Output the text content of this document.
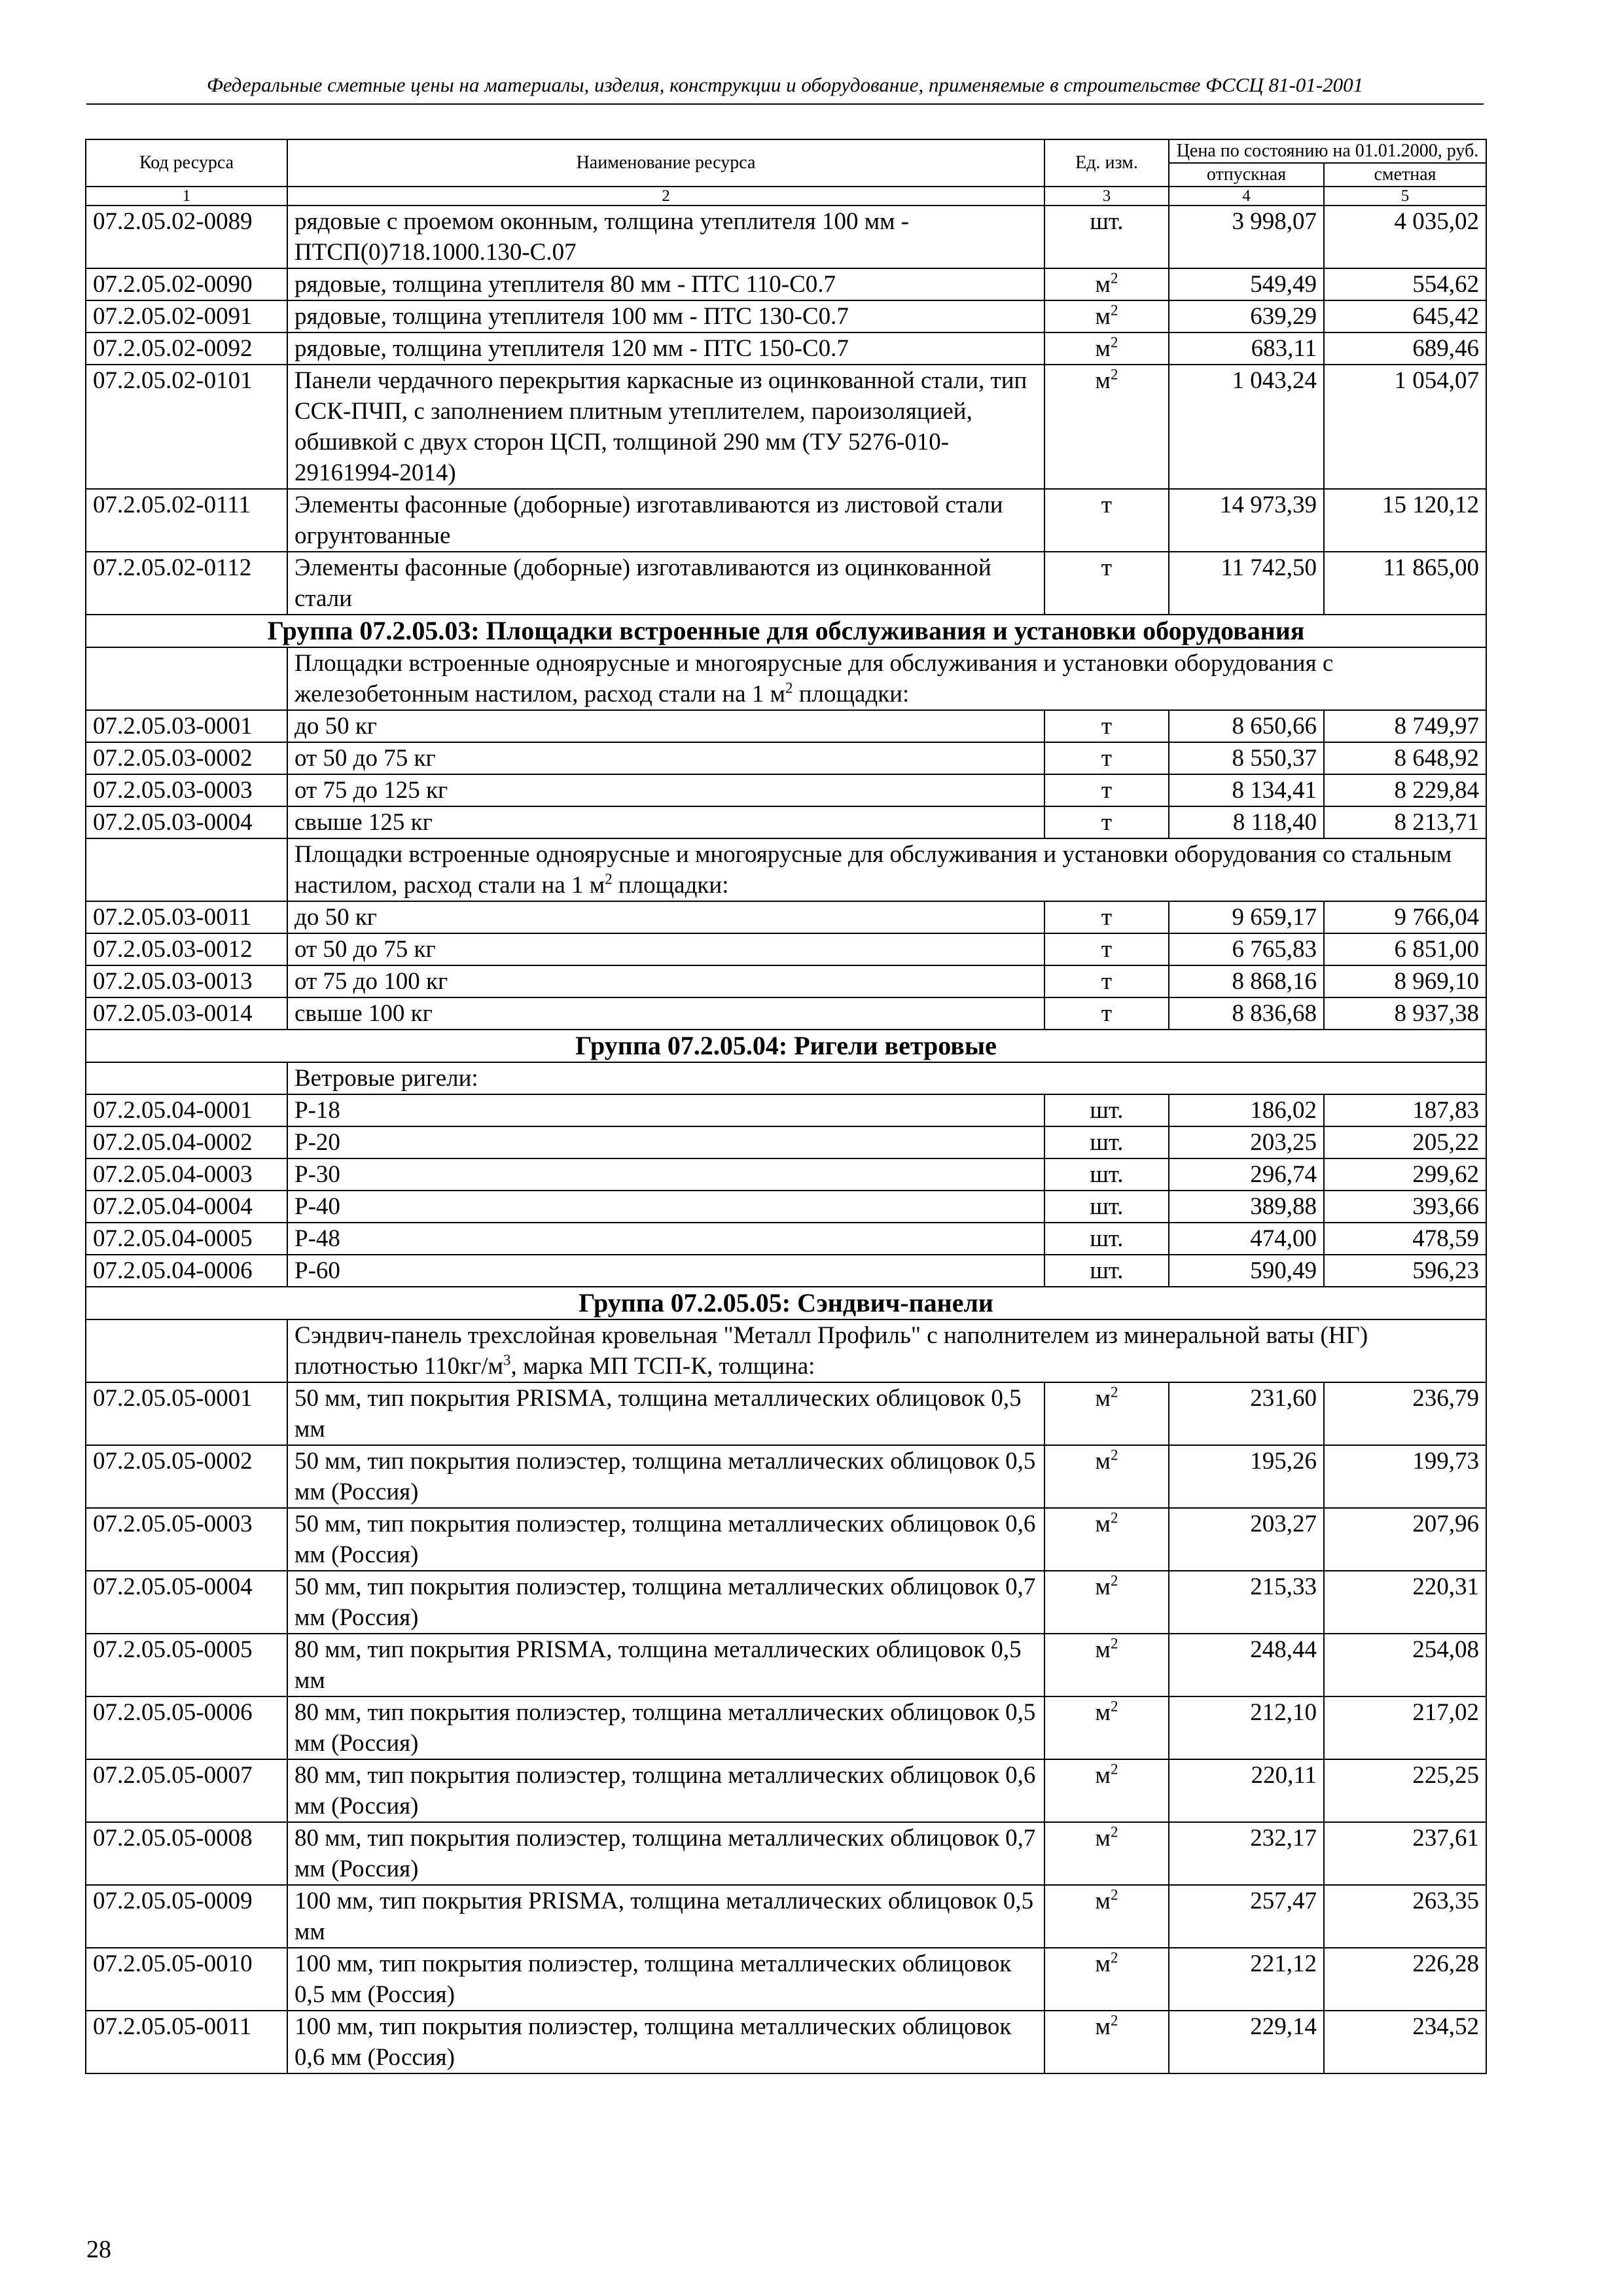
Федеральные сметные цены на материалы, изделия, конструкции и оборудование, применяемые в строительстве ФССЦ 81-01-2001
Код ресурса	Наименование ресурса	Ед. изм.	Цена по состоянию на 01.01.2000, руб.	
			отпускная	сметная
1	2	3	4	5
07.2.05.02-0089	рядовые с проемом оконным, толщина утеплителя 100 мм - ПТСП(0)718.1000.130-С.07	шт.	3 998,07	4 035,02
07.2.05.02-0090	рядовые, толщина утеплителя 80 мм - ПТС 110-С0.7	$м^2$	549,49	554,62
07.2.05.02-0091	рядовые, толщина утеплителя 100 мм - ПТС 130-С0.7	$м^2$	639,29	645,42
07.2.05.02-0092	рядовые, толщина утеплителя 120 мм - ПТС 150-С0.7	$м^2$	683,11	689,46
07.2.05.02-0101	Панели чердачного перекрытия каркасные из оцинкованной стали, тип ССК-ПЧП, с заполнением плитным утеплителем, пароизоляцией, обшивкой с двух сторон ЦСП, толщиной 290 мм (ТУ 5276-010-29161994-2014)	$м^2$	1 043,24	1 054,07
07.2.05.02-0111	Элементы фасонные (доборные) изготавливаются из листовой стали огрунтованные	т	14 973,39	15 120,12
07.2.05.02-0112	Элементы фасонные (доборные) изготавливаются из оцинкованной стали	т	11 742,50	11 865,00
Группа 07.2.05.03: Площадки встроенные для обслуживания и установки оборудования				
	Площадки встроенные одноярусные и многоярусные для обслуживания и установки оборудования с железобетонным настилом, расход стали на 1 $м^2$ площадки:			
07.2.05.03-0001	до 50 кг	т	8 650,66	8 749,97
07.2.05.03-0002	от 50 до 75 кг	т	8 550,37	8 648,92
07.2.05.03-0003	от 75 до 125 кг	т	8 134,41	8 229,84
07.2.05.03-0004	свыше 125 кг	т	8 118,40	8 213,71
	Площадки встроенные одноярусные и многоярусные для обслуживания и установки оборудования со стальным настилом, расход стали на 1 $м^2$ площадки:			
07.2.05.03-0011	до 50 кг	т	9 659,17	9 766,04
07.2.05.03-0012	от 50 до 75 кг	т	6 765,83	6 851,00
07.2.05.03-0013	от 75 до 100 кг	т	8 868,16	8 969,10
07.2.05.03-0014	свыше 100 кг	т	8 836,68	8 937,38
Группа 07.2.05.04: Ригели ветровые				
	Ветровые ригели:			
07.2.05.04-0001	Р-18	шт.	186,02	187,83
07.2.05.04-0002	Р-20	шт.	203,25	205,22
07.2.05.04-0003	Р-30	шт.	296,74	299,62
07.2.05.04-0004	Р-40	шт.	389,88	393,66
07.2.05.04-0005	Р-48	шт.	474,00	478,59
07.2.05.04-0006	Р-60	шт.	590,49	596,23
Группа 07.2.05.05: Сэндвич-панели				
	Сэндвич-панель трехслойная кровельная "Металл Профиль" с наполнителем из минеральной ваты (НГ) плотностью $110кг/м^3$, марка МП ТСП-К, толщина:			
07.2.05.05-0001	50 мм, тип покрытия PRISMA, толщина металлических облицовок 0,5 мм	$м^2$	231,60	236,79
07.2.05.05-0002	50 мм, тип покрытия полиэстер, толщина металлических облицовок 0,5 мм (Россия)	$м^2$	195,26	199,73
07.2.05.05-0003	50 мм, тип покрытия полиэстер, толщина металлических облицовок 0,6 мм (Россия)	$м^2$	203,27	207,96
07.2.05.05-0004	50 мм, тип покрытия полиэстер, толщина металлических облицовок 0,7 мм (Россия)	$м^2$	215,33	220,31
07.2.05.05-0005	80 мм, тип покрытия PRISMA, толщина металлических облицовок 0,5 мм	$м^2$	248,44	254,08
07.2.05.05-0006	80 мм, тип покрытия полиэстер, толщина металлических облицовок 0,5 мм (Россия)	$м^2$	212,10	217,02
07.2.05.05-0007	80 мм, тип покрытия полиэстер, толщина металлических облицовок 0,6 мм (Россия)	$м^2$	220,11	225,25
07.2.05.05-0008	80 мм, тип покрытия полиэстер, толщина металлических облицовок 0,7 мм (Россия)	$м^2$	232,17	237,61
07.2.05.05-0009	100 мм, тип покрытия PRISMA, толщина металлических облицовок 0,5 мм	$м^2$	257,47	263,35
07.2.05.05-0010	100 мм, тип покрытия полиэстер, толщина металлических облицовок 0,5 мм (Россия)	$м^2$	221,12	226,28
07.2.05.05-0011	100 мм, тип покрытия полиэстер, толщина металлических облицовок 0,6 мм (Россия)	$м^2$	229,14	234,52
28
